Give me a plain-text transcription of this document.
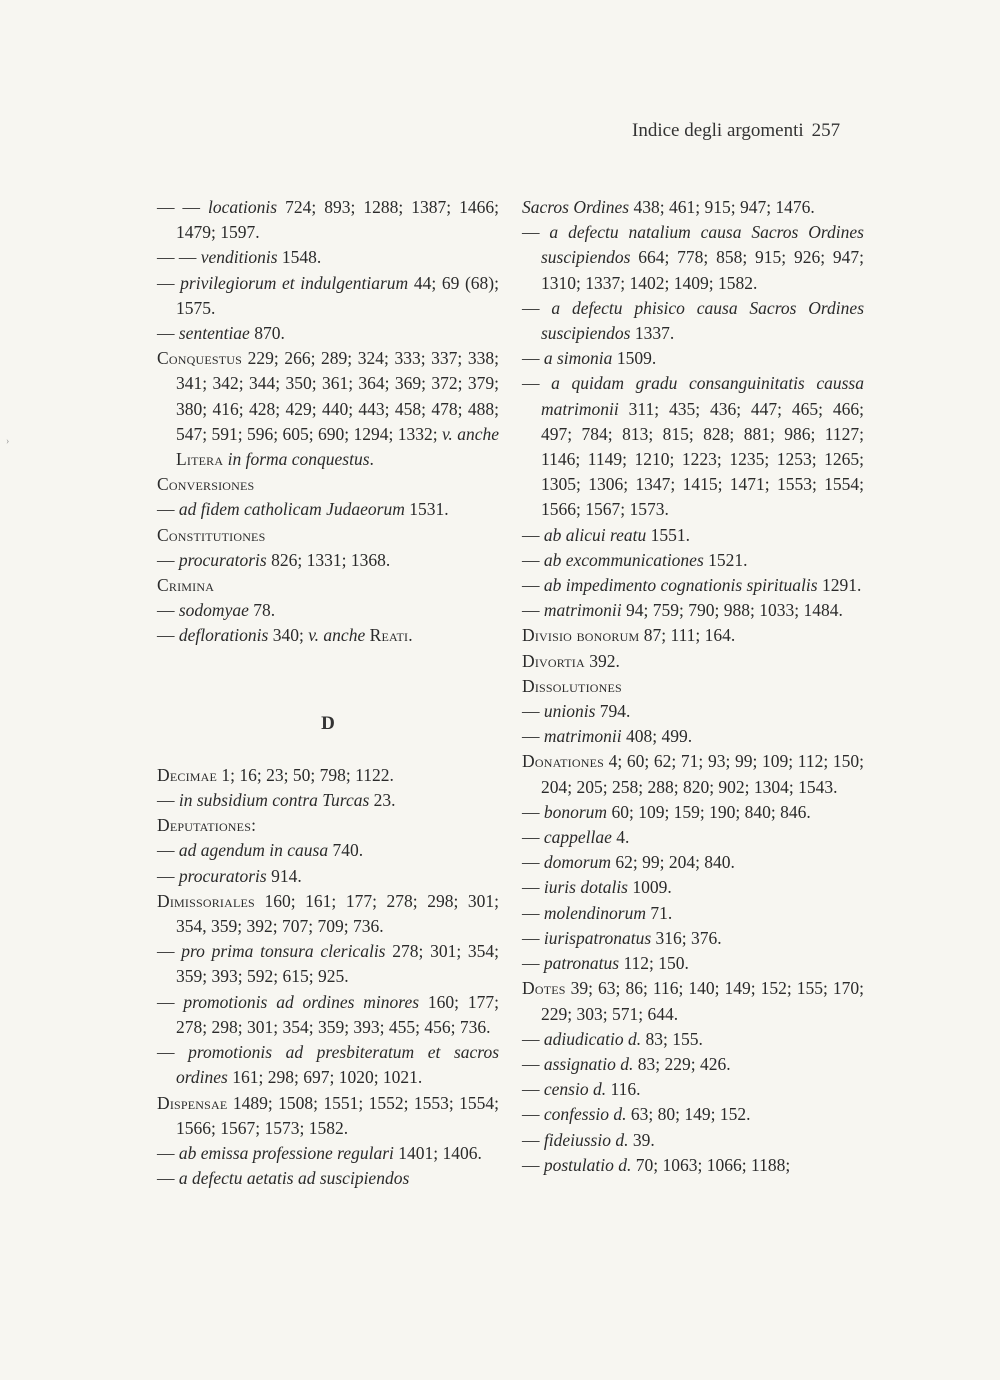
Indice degli argomenti 257
›

— — locationis 724; 893; 1288; 1387; 1466; 1479; 1597.

— — venditionis 1548.

— privilegiorum et indulgentiarum 44; 69 (68); 1575.

— sententiae 870.

Conquestus 229; 266; 289; 324; 333; 337; 338; 341; 342; 344; 350; 361; 364; 369; 372; 379; 380; 416; 428; 429; 440; 443; 458; 478; 488; 547; 591; 596; 605; 690; 1294; 1332; v. anche Litera in forma conquestus.

Conversiones

— ad fidem catholicam Judaeorum 1531.

Constitutiones

— procuratoris 826; 1331; 1368.

Crimina

— sodomyae 78.

— deflorationis 340; v. anche Reati.

D

Decimae 1; 16; 23; 50; 798; 1122.

— in subsidium contra Turcas 23.

Deputationes:

— ad agendum in causa 740.

— procuratoris 914.

Dimissoriales 160; 161; 177; 278; 298; 301; 354, 359; 392; 707; 709; 736.

— pro prima tonsura clericalis 278; 301; 354; 359; 393; 592; 615; 925.

— promotionis ad ordines minores 160; 177; 278; 298; 301; 354; 359; 393; 455; 456; 736.

— promotionis ad presbiteratum et sacros ordines 161; 298; 697; 1020; 1021.

Dispensae 1489; 1508; 1551; 1552; 1553; 1554; 1566; 1567; 1573; 1582.

— ab emissa professione regulari 1401; 1406.

— a defectu aetatis ad suscipiendos

Sacros Ordines 438; 461; 915; 947; 1476.

— a defectu natalium causa Sacros Ordines suscipiendos 664; 778; 858; 915; 926; 947; 1310; 1337; 1402; 1409; 1582.

— a defectu phisico causa Sacros Ordines suscipiendos 1337.

— a simonia 1509.

— a quidam gradu consanguinitatis caussa matrimonii 311; 435; 436; 447; 465; 466; 497; 784; 813; 815; 828; 881; 986; 1127; 1146; 1149; 1210; 1223; 1235; 1253; 1265; 1305; 1306; 1347; 1415; 1471; 1553; 1554; 1566; 1567; 1573.

— ab alicui reatu 1551.

— ab excommunicationes 1521.

— ab impedimento cognationis spiritualis 1291.

— matrimonii 94; 759; 790; 988; 1033; 1484.

Divisio bonorum 87; 111; 164.

Divortia 392.

Dissolutiones

— unionis 794.

— matrimonii 408; 499.

Donationes 4; 60; 62; 71; 93; 99; 109; 112; 150; 204; 205; 258; 288; 820; 902; 1304; 1543.

— bonorum 60; 109; 159; 190; 840; 846.

— cappellae 4.

— domorum 62; 99; 204; 840.

— iuris dotalis 1009.

— molendinorum 71.

— iurispatronatus 316; 376.

— patronatus 112; 150.

Dotes 39; 63; 86; 116; 140; 149; 152; 155; 170; 229; 303; 571; 644.

— adiudicatio d. 83; 155.

— assignatio d. 83; 229; 426.

— censio d. 116.

— confessio d. 63; 80; 149; 152.

— fideiussio d. 39.

— postulatio d. 70; 1063; 1066; 1188;
